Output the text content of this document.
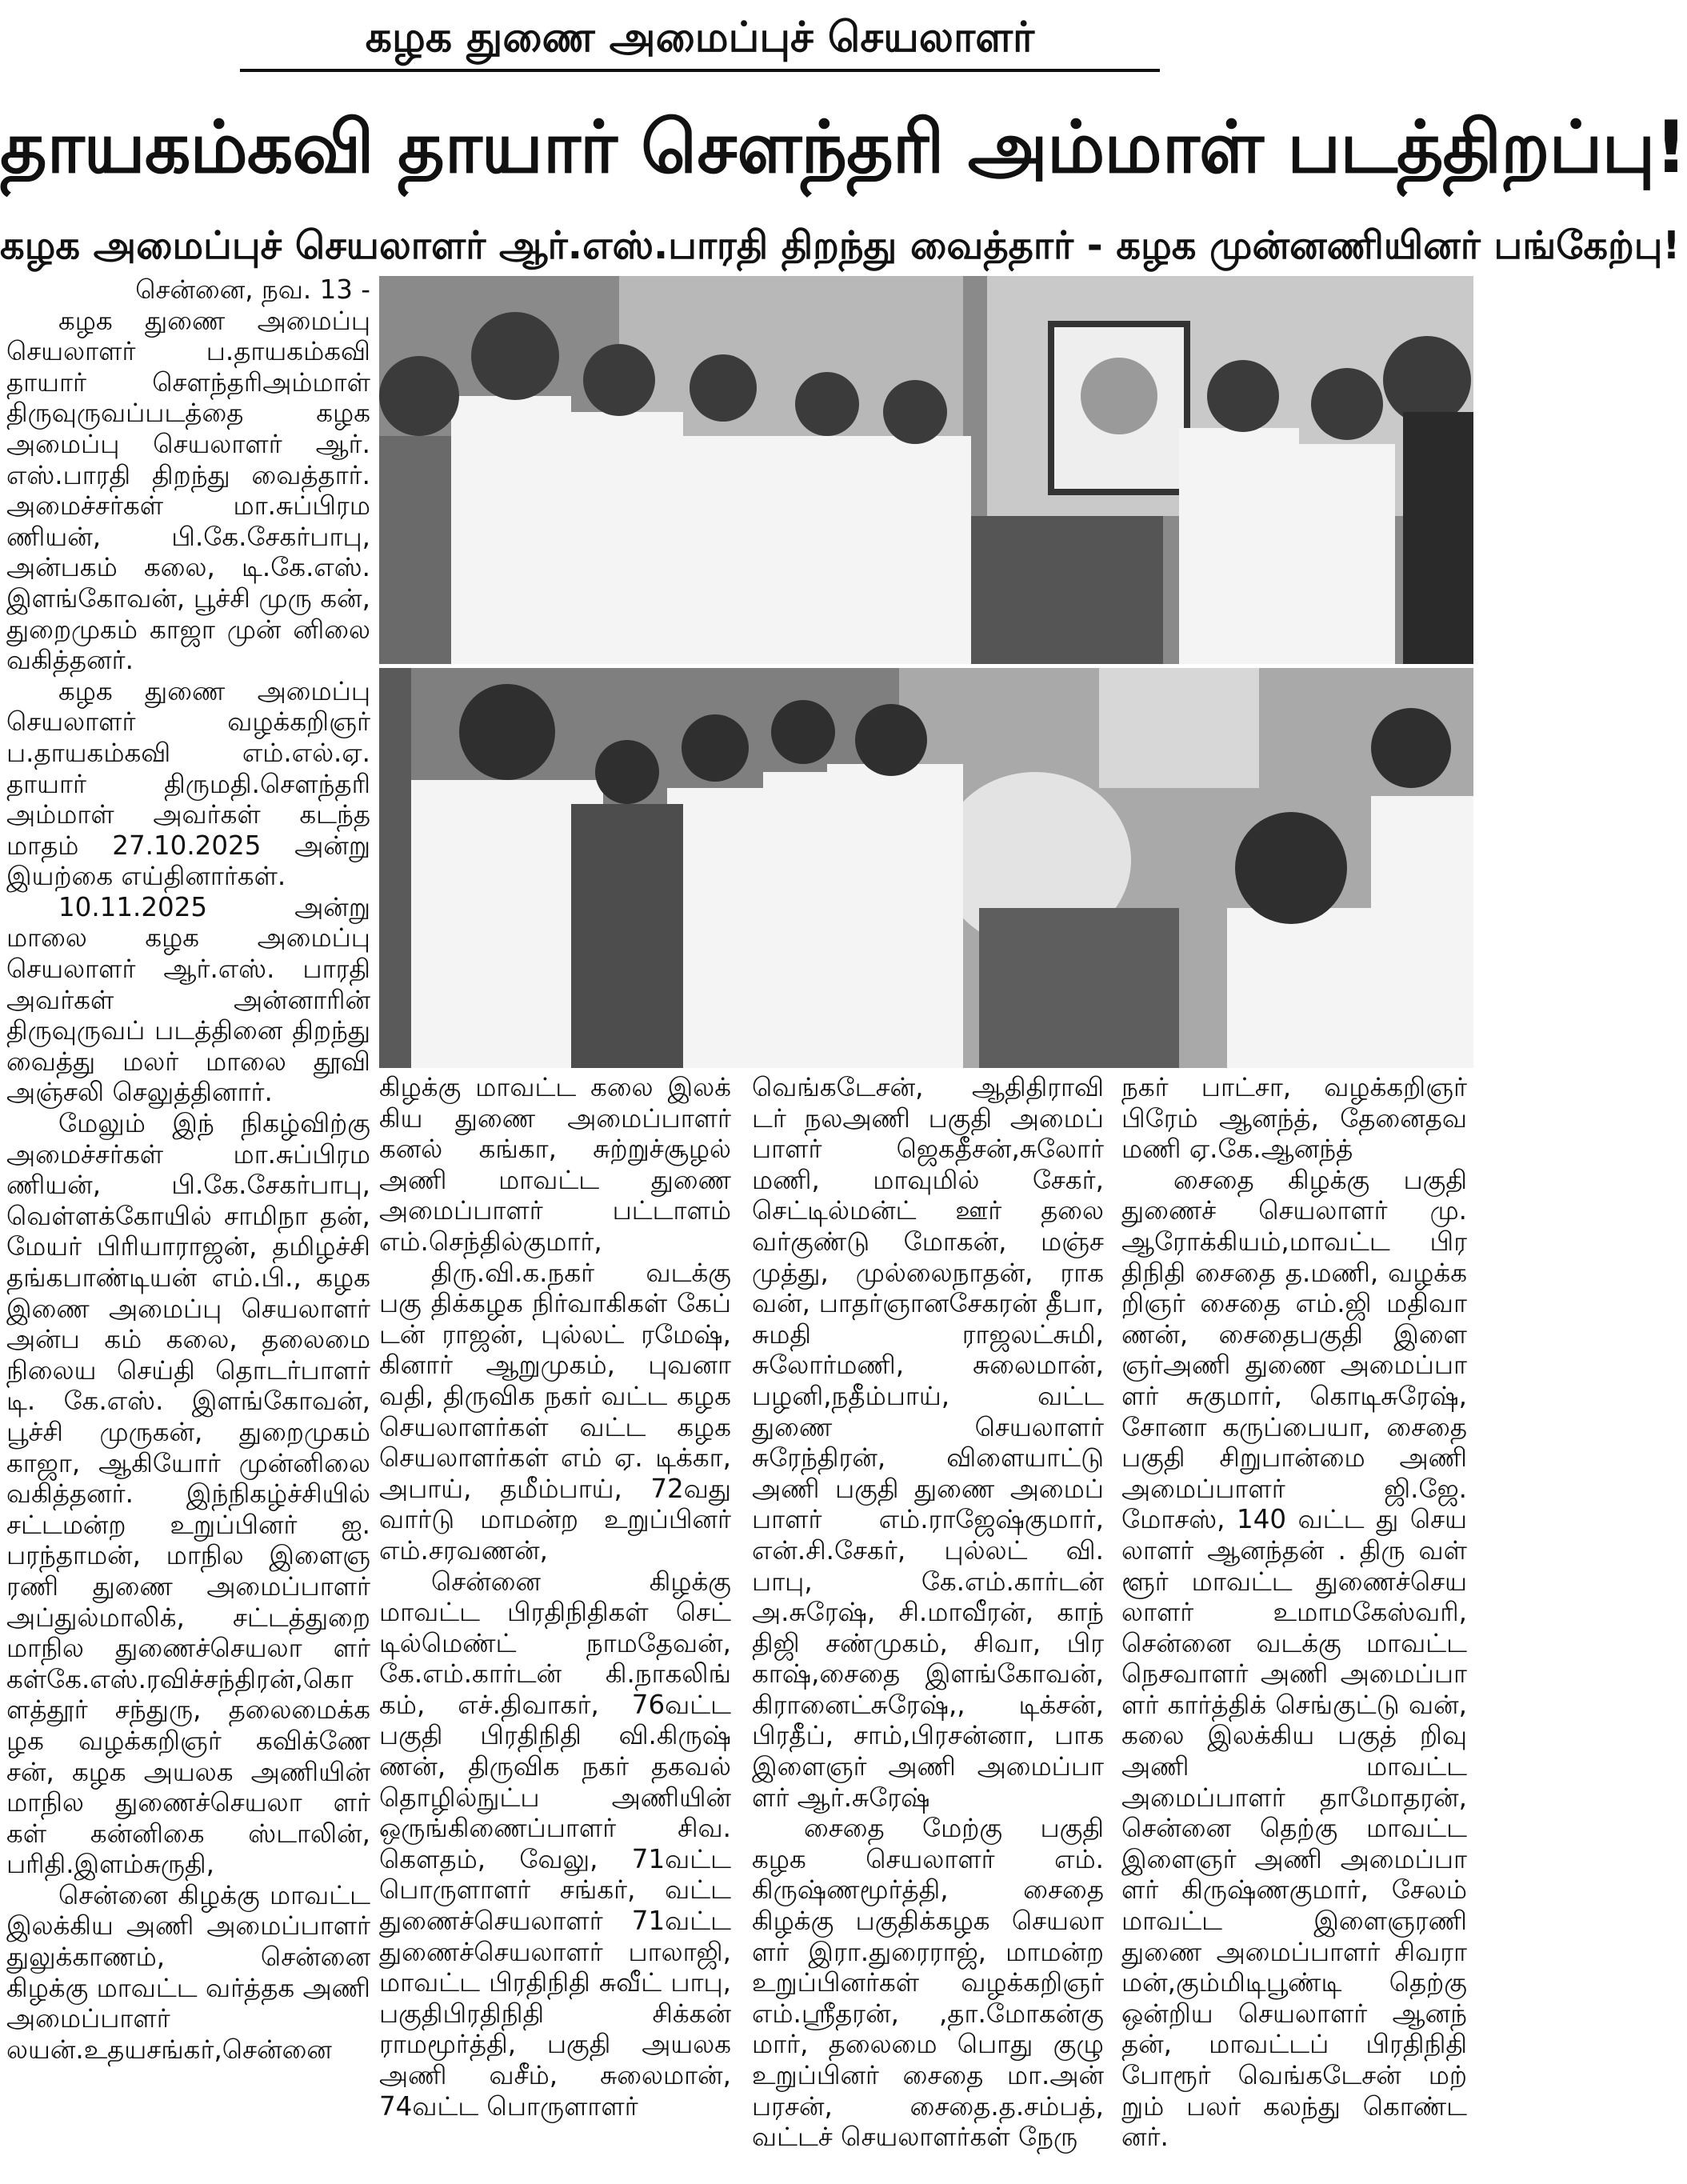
கழக துணை அமைப்புச் செயலாளர்
தாயகம்கவி தாயார் சௌந்தரி அம்மாள் படத்திறப்பு!
கழக அமைப்புச் செயலாளர் ஆர்.எஸ்.பாரதி திறந்து வைத்தார் - கழக முன்னணியினர் பங்கேற்பு!

சென்னை, நவ. 13 -

கழக துணை அமைப்பு செயலாளர் ப.தாயகம்கவி தாயார் சௌந்தரிஅம்மாள் திருவுருவப்படத்தை கழக அமைப்பு செயலாளர் ஆர். எஸ்.பாரதி திறந்து வைத்தார். அமைச்சர்கள் மா.சுப்பிரம ணியன், பி.கே.சேகர்பாபு, அன்பகம் கலை, டி.கே.எஸ். இளங்கோவன், பூச்சி முரு கன், துறைமுகம் காஜா முன் னிலை வகித்தனர்.

கழக துணை அமைப்பு செயலாளர் வழக்கறிஞர் ப.தாயகம்கவி எம்.எல்.ஏ. தாயார் திருமதி.சௌந்தரி அம்மாள் அவர்கள் கடந்த மாதம் 27.10.2025 அன்று இயற்கை எய்தினார்கள்.

10.11.2025 அன்று மாலை கழக அமைப்பு செயலாளர் ஆர்.எஸ். பாரதி அவர்கள் அன்னாரின் திருவுருவப் படத்தினை திறந்து வைத்து மலர் மாலை தூவி அஞ்சலி செலுத்தினார்.

மேலும் இந் நிகழ்விற்கு அமைச்சர்கள் மா.சுப்பிரம ணியன், பி.கே.சேகர்பாபு, வெள்ளக்கோயில் சாமிநா தன், மேயர் பிரியாராஜன், தமிழச்சி தங்கபாண்டியன் எம்.பி., கழக இணை அமைப்பு செயலாளர் அன்ப கம் கலை, தலைமை நிலைய செய்தி தொடர்பாளர் டி. கே.எஸ். இளங்கோவன், பூச்சி முருகன், துறைமுகம் காஜா, ஆகியோர் முன்னிலை வகித்தனர். இந்நிகழ்ச்சியில் சட்டமன்ற உறுப்பினர் ஐ. பரந்தாமன், மாநில இளைஞ ரணி துணை அமைப்பாளர் அப்துல்மாலிக், சட்டத்துறை மாநில துணைச்செயலா ளர் கள்கே.எஸ்.ரவிச்சந்திரன்,கொ ளத்தூர் சந்துரு, தலைமைக்க ழக வழக்கறிஞர் கவிக்ணே சன், கழக அயலக அணியின் மாநில துணைச்செயலா ளர் கள் கன்னிகை ஸ்டாலின், பரிதி.இளம்சுருதி,

சென்னை கிழக்கு மாவட்ட இலக்கிய அணி அமைப்பாளர் துலுக்காணம், சென்னை கிழக்கு மாவட்ட வர்த்தக அணி அமைப்பாளர் லயன்.உதயசங்கர்,சென்னை

கிழக்கு மாவட்ட கலை இலக் கிய துணை அமைப்பாளர் கனல் கங்கா, சுற்றுச்சூழல் அணி மாவட்ட துணை அமைப்பாளர் பட்டாளம் எம்.செந்தில்குமார்,

திரு.வி.க.நகர் வடக்கு பகு திக்கழக நிர்வாகிகள் கேப் டன் ராஜன், புல்லட் ரமேஷ், கினார் ஆறுமுகம், புவனா வதி, திருவிக நகர் வட்ட கழக செயலாளர்கள் வட்ட கழக செயலாளர்கள் எம் ஏ. டிக்கா, அபாய், தமீம்பாய், 72வது வார்டு மாமன்ற உறுப்பினர் எம்.சரவணன்,

சென்னை கிழக்கு மாவட்ட பிரதிநிதிகள் செட் டில்மெண்ட் நாமதேவன், கே.எம்.கார்டன் கி.நாகலிங் கம், எச்.திவாகர், 76வட்ட பகுதி பிரதிநிதி வி.கிருஷ் ணன், திருவிக நகர் தகவல் தொழில்நுட்ப அணியின் ஒருங்கிணைப்பாளர் சிவ. கௌதம், வேலு, 71வட்ட பொருளாளர் சங்கர், வட்ட துணைச்செயலாளர் 71வட்ட துணைச்செயலாளர் பாலாஜி, மாவட்ட பிரதிநிதி சுவீட் பாபு, பகுதிபிரதிநிதி சிக்கன் ராமமூர்த்தி, பகுதி அயலக அணி வசீம், சுலைமான், 74வட்ட பொருளாளர்

வெங்கடேசன், ஆதிதிராவி டர் நலஅணி பகுதி அமைப் பாளர் ஜெகதீசன்,சுலோர் மணி, மாவுமில் சேகர், செட்டில்மன்ட் ஊர் தலை வர்குண்டு மோகன், மஞ்ச முத்து, முல்லைநாதன், ராக வன், பாதர்ஞானசேகரன் தீபா, சுமதி ராஜலட்சுமி, சுலோர்மணி, சுலைமான், பழனி,நதீம்பாய், வட்ட துணை செயலாளர் சுரேந்திரன், விளையாட்டு அணி பகுதி துணை அமைப் பாளர் எம்.ராஜேஷ்குமார், என்.சி.சேகர், புல்லட் வி. பாபு, கே.எம்.கார்டன் அ.சுரேஷ், சி.மாவீரன், காந் திஜி சண்முகம், சிவா, பிர காஷ்,சைதை இளங்கோவன், கிரானைட்சுரேஷ்,, டிக்சன், பிரதீப், சாம்,பிரசன்னா, பாக இளைஞர் அணி அமைப்பா ளர் ஆர்.சுரேஷ்

சைதை மேற்கு பகுதி கழக செயலாளர் எம். கிருஷ்ணமூர்த்தி, சைதை கிழக்கு பகுதிக்கழக செயலா ளர் இரா.துரைராஜ், மாமன்ற உறுப்பினர்கள் வழக்கறிஞர் எம்.ஸ்ரீதரன், ,தா.மோகன்கு மார், தலைமை பொது குழு உறுப்பினர் சைதை மா.அன் பரசன், சைதை.த.சம்பத், வட்டச் செயலாளர்கள் நேரு

நகர் பாட்சா, வழக்கறிஞர் பிரேம் ஆனந்த், தேனைதவ மணி ஏ.கே.ஆனந்த்

சைதை கிழக்கு பகுதி துணைச் செயலாளர் மு. ஆரோக்கியம்,மாவட்ட பிர திநிதி சைதை த.மணி, வழக்க றிஞர் சைதை எம்.ஜி மதிவா ணன், சைதைபகுதி இளை ஞர்அணி துணை அமைப்பா ளர் சுகுமார், கொடிசுரேஷ், சோனா கருப்பையா, சைதை பகுதி சிறுபான்மை அணி அமைப்பாளர் ஜி.ஜே. மோசஸ், 140 வட்ட து செய லாளர் ஆனந்தன் . திரு வள் ளூர் மாவட்ட துணைச்செய லாளர் உமாமகேஸ்வரி, சென்னை வடக்கு மாவட்ட நெசவாளர் அணி அமைப்பா ளர் கார்த்திக் செங்குட்டு வன், கலை இலக்கிய பகுத் றிவு அணி மாவட்ட அமைப்பாளர் தாமோதரன், சென்னை தெற்கு மாவட்ட இளைஞர் அணி அமைப்பா ளர் கிருஷ்ணகுமார், சேலம் மாவட்ட இளைஞரணி துணை அமைப்பாளர் சிவரா மன்,கும்மிடிபூண்டி தெற்கு ஒன்றிய செயலாளர் ஆனந் தன், மாவட்டப் பிரதிநிதி போரூர் வெங்கடேசன் மற் றும் பலர் கலந்து கொண்ட னர்.
